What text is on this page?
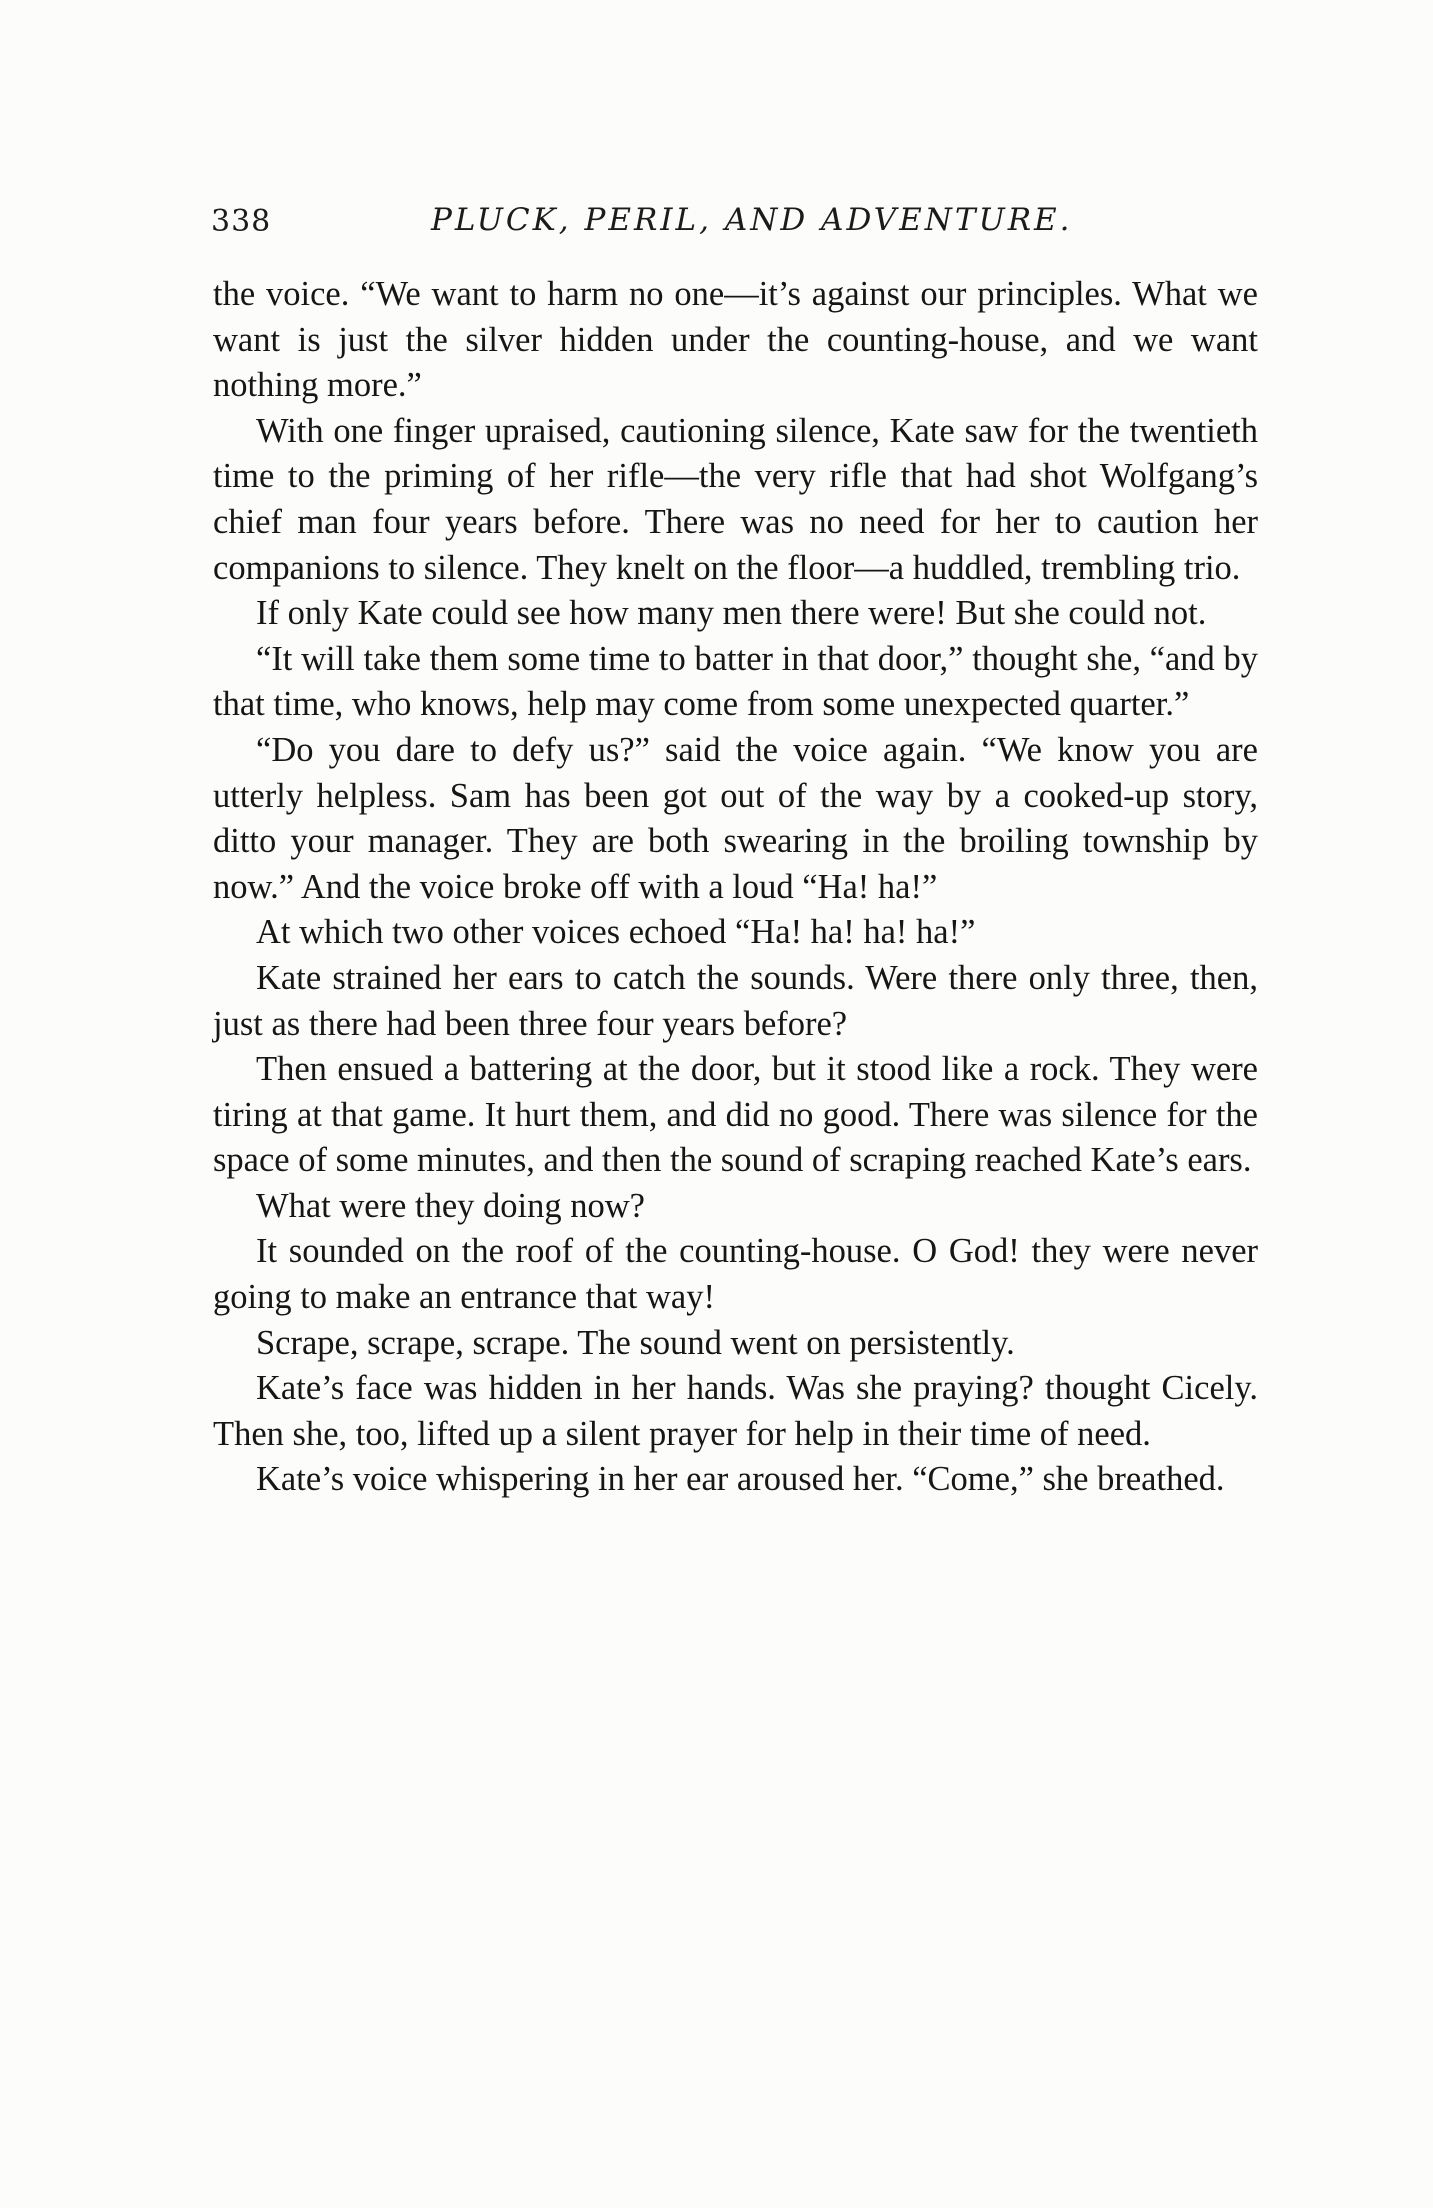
338	PLUCK, PERIL, AND ADVENTURE.

the voice. “We want to harm no one—it’s against our principles. What we want is just the silver hidden under the counting-house, and we want nothing more.”

With one finger upraised, cautioning silence, Kate saw for the twentieth time to the priming of her rifle—the very rifle that had shot Wolfgang’s chief man four years before. There was no need for her to caution her companions to silence. They knelt on the floor—a huddled, trembling trio.

If only Kate could see how many men there were! But she could not.

“It will take them some time to batter in that door,” thought she, “and by that time, who knows, help may come from some unexpected quarter.”

“Do you dare to defy us?” said the voice again. “We know you are utterly helpless. Sam has been got out of the way by a cooked-up story, ditto your manager. They are both swearing in the broiling township by now.” And the voice broke off with a loud “Ha! ha!”

At which two other voices echoed “Ha! ha! ha! ha!”

Kate strained her ears to catch the sounds. Were there only three, then, just as there had been three four years before?

Then ensued a battering at the door, but it stood like a rock. They were tiring at that game. It hurt them, and did no good. There was silence for the space of some minutes, and then the sound of scraping reached Kate’s ears.

What were they doing now?

It sounded on the roof of the counting-house. O God! they were never going to make an entrance that way!

Scrape, scrape, scrape. The sound went on persistently.

Kate’s face was hidden in her hands. Was she praying? thought Cicely. Then she, too, lifted up a silent prayer for help in their time of need.

Kate’s voice whispering in her ear aroused her. “Come,” she breathed.
